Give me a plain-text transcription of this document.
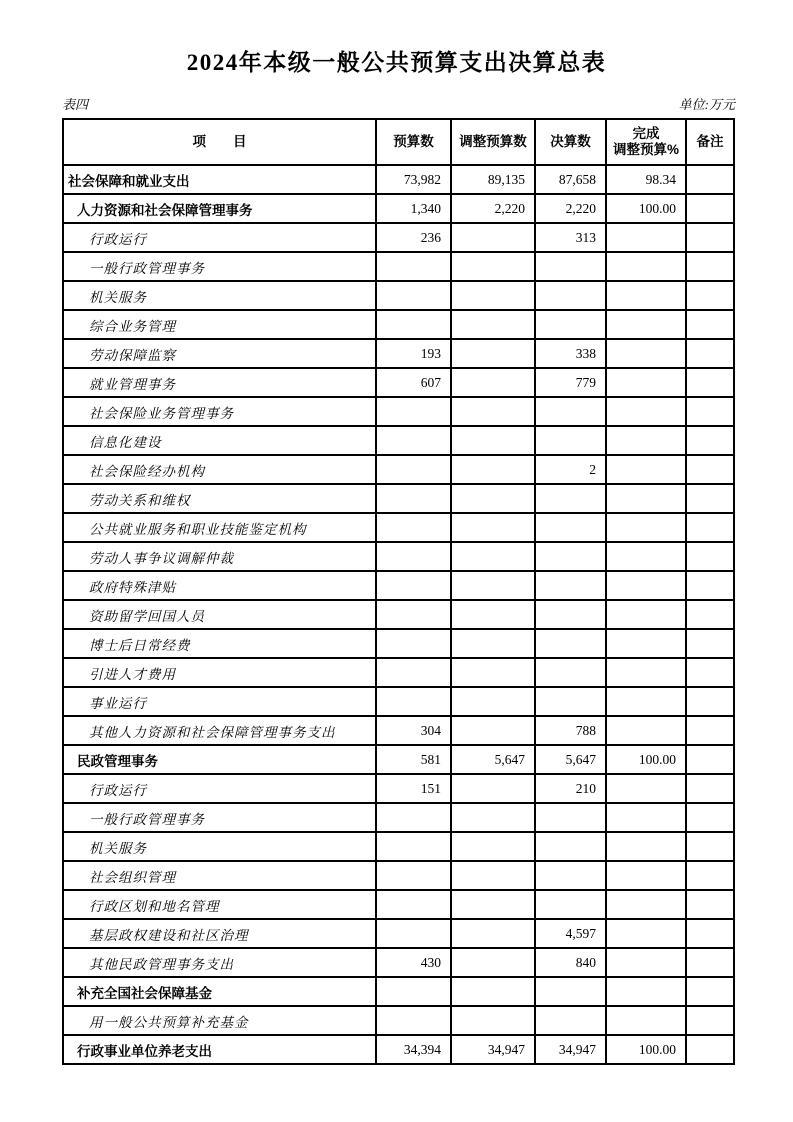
2024年本级一般公共预算支出决算总表
表四	单位:万元
项　　目	预算数	调整预算数	决算数	完成
调整预算%	备注
社会保障和就业支出	73,982	89,135	87,658	98.34	
人力资源和社会保障管理事务	1,340	2,220	2,220	100.00	
行政运行	236		313		
一般行政管理事务					
机关服务					
综合业务管理					
劳动保障监察	193		338		
就业管理事务	607		779		
社会保险业务管理事务					
信息化建设					
社会保险经办机构			2		
劳动关系和维权					
公共就业服务和职业技能鉴定机构					
劳动人事争议调解仲裁					
政府特殊津贴					
资助留学回国人员					
博士后日常经费					
引进人才费用					
事业运行					
其他人力资源和社会保障管理事务支出	304		788		
民政管理事务	581	5,647	5,647	100.00	
行政运行	151		210		
一般行政管理事务					
机关服务					
社会组织管理					
行政区划和地名管理					
基层政权建设和社区治理			4,597		
其他民政管理事务支出	430		840		
补充全国社会保障基金					
用一般公共预算补充基金					
行政事业单位养老支出	34,394	34,947	34,947	100.00	
